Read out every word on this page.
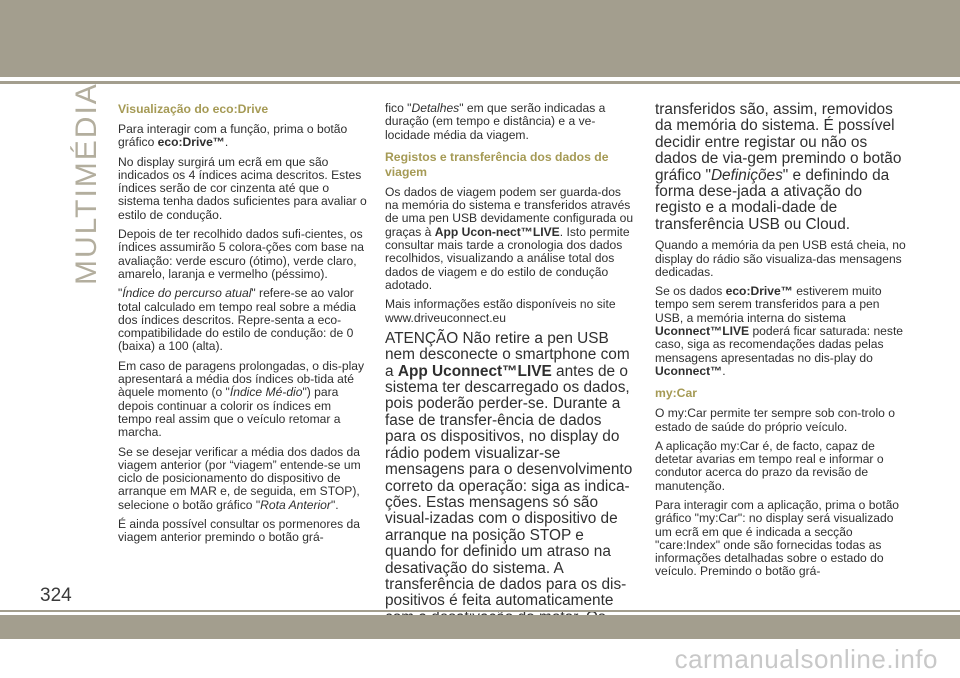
MULTIMÉDIA Visualização do eco:Drive

Para interagir com a função, prima o botão gráfico eco:Drive™.

No display surgirá um ecrã em que são indicados os 4 índices acima descritos. Estes índices serão de cor cinzenta até que o sistema tenha dados suficientes para avaliar o estilo de condução.

Depois de ter recolhido dados sufi-cientes, os índices assumirão 5 colora-ções com base na avaliação: verde escuro (ótimo), verde claro, amarelo, laranja e vermelho (péssimo).

"Índice do percurso atual" refere-se ao valor total calculado em tempo real sobre a média dos índices descritos. Repre-senta a eco-compatibilidade do estilo de condução: de 0 (baixa) a 100 (alta).

Em caso de paragens prolongadas, o dis-play apresentará a média dos índices ob-tida até àquele momento (o "Índice Mé-dio") para depois continuar a colorir os índices em tempo real assim que o veículo retomar a marcha.

Se se desejar verificar a média dos dados da viagem anterior (por “viagem” entende-se um ciclo de posicionamento do dispositivo de arranque em MAR e, de seguida, em STOP), selecione o botão gráfico "Rota Anterior".

É ainda possível consultar os pormenores da viagem anterior premindo o botão grá-

fico "Detalhes" em que serão indicadas a duração (em tempo e distância) e a ve-locidade média da viagem.

Registos e transferência dos dados de viagem

Os dados de viagem podem ser guarda-dos na memória do sistema e transferidos através de uma pen USB devidamente configurada ou graças à App Ucon-nect™LIVE. Isto permite consultar mais tarde a cronologia dos dados recolhidos, visualizando a análise total dos dados de viagem e do estilo de condução adotado.

Mais informações estão disponíveis no site www.driveuconnect.eu

ATENÇÃO Não retire a pen USB nem desconecte o smartphone com a App Uconnect™LIVE antes de o sistema ter descarregado os dados, pois poderão perder-se. Durante a fase de transfer-ência de dados para os dispositivos, no display do rádio podem visualizar-se mensagens para o desenvolvimento correto da operação: siga as indica-ções. Estas mensagens só são visual-izadas com o dispositivo de arranque na posição STOP e quando for definido um atraso na desativação do sistema. A transferência de dados para os dis-positivos é feita automaticamente

transferidos são, assim, removidos da memória do sistema. É possível decidir entre registar ou não os dados de via-gem premindo o botão gráfico "Definições" e definindo da forma dese-jada a ativação do registo e a modali-dade de transferência USB ou Cloud.

Quando a memória da pen USB está cheia, no display do rádio são visualiza-das mensagens dedicadas.

Se os dados eco:Drive™ estiverem muito tempo sem serem transferidos para a pen USB, a memória interna do sistema Uconnect™LIVE poderá ficar saturada: neste caso, siga as recomendações dadas pelas mensagens apresentadas no dis-play do Uconnect™.

my:Car

O my:Car permite ter sempre sob con-trolo o estado de saúde do próprio veículo.

A aplicação my:Car é, de facto, capaz de detetar avarias em tempo real e informar o condutor acerca do prazo da revisão de manutenção.

Para interagir com a aplicação, prima o botão gráfico "my:Car": no display será visualizado um ecrã em que é indicada a secção "care:Index" onde são fornecidas todas as informações detalhadas sobre o estado do veículo. Premindo o botão grá-

324
carmanualsonline.info
